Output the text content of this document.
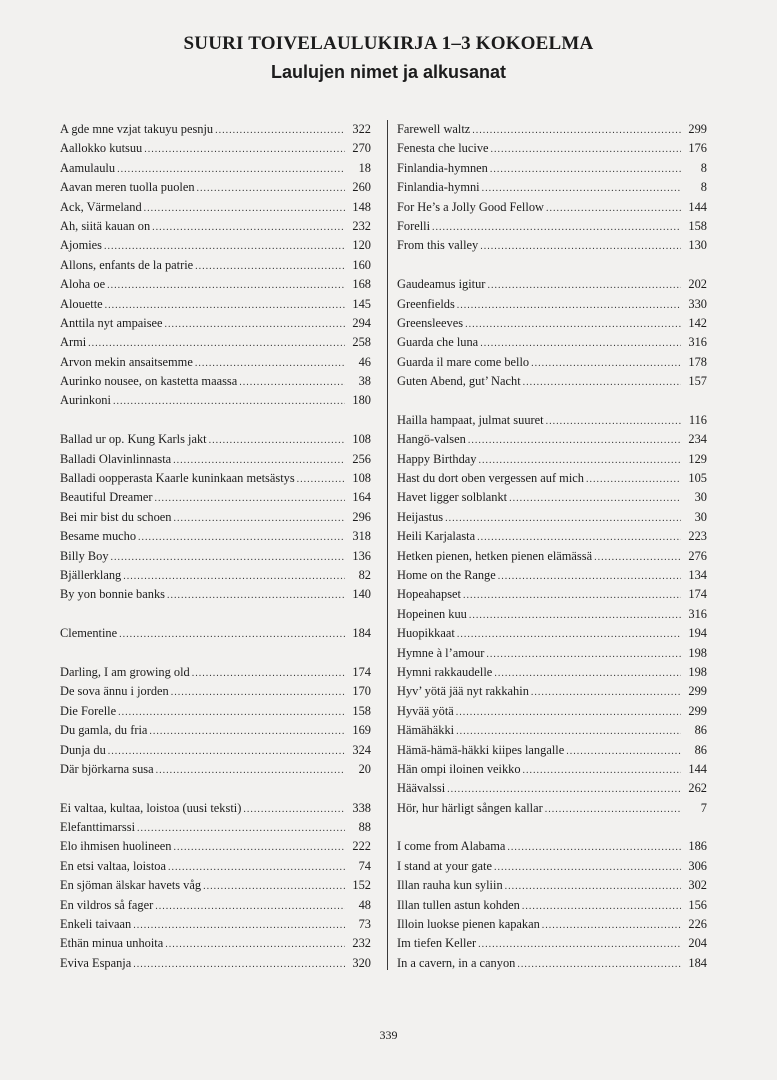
SUURI TOIVELAULUKIRJA 1–3 KOKOELMA
Laulujen nimet ja alkusanat
A gde mne vzjat takuyu pesnju .....	322
Aallokko kutsuu .....	270
Aamulaulu .....	18
Aavan meren tuolla puolen .....	260
Ack, Värmeland .....	148
Ah, siitä kauan on .....	232
Ajomies .....	120
Allons, enfants de la patrie .....	160
Aloha oe .....	168
Alouette .....	145
Anttila nyt ampaisee .....	294
Armi .....	258
Arvon mekin ansaitsemme .....	46
Aurinko nousee, on kastetta maassa .....	38
Aurinkoni .....	180
Ballad ur op. Kung Karls jakt .....	108
Balladi Olavinlinnasta .....	256
Balladi oopperasta Kaarle kuninkaan metsästys .....	108
Beautiful Dreamer .....	164
Bei mir bist du schoen .....	296
Besame mucho .....	318
Billy Boy .....	136
Bjällerklang .....	82
By yon bonnie banks .....	140
Clementine .....	184
Darling, I am growing old .....	174
De sova ännu i jorden .....	170
Die Forelle .....	158
Du gamla, du fria .....	169
Dunja du .....	324
Där björkarna susa .....	20
Ei valtaa, kultaa, loistoa (uusi teksti) .....	338
Elefanttimarssi .....	88
Elo ihmisen huolineen .....	222
En etsi valtaa, loistoa .....	74
En sjöman älskar havets våg .....	152
En vildros så fager .....	48
Enkeli taivaan .....	73
Ethän minua unhoita .....	232
Eviva Espanja .....	320
Farewell waltz .....	299
Fenesta che lucive .....	176
Finlandia-hymnen .....	8
Finlandia-hymni .....	8
For He’s a Jolly Good Fellow .....	144
Forelli .....	158
From this valley .....	130
Gaudeamus igitur .....	202
Greenfields .....	330
Greensleeves .....	142
Guarda che luna .....	316
Guarda il mare come bello .....	178
Guten Abend, gut’ Nacht .....	157
Hailla hampaat, julmat suuret .....	116
Hangö-valsen .....	234
Happy Birthday .....	129
Hast du dort oben vergessen auf mich .....	105
Havet ligger solblankt .....	30
Heijastus .....	30
Heili Karjalasta .....	223
Hetken pienen, hetken pienen elämässä .....	276
Home on the Range .....	134
Hopeahapset .....	174
Hopeinen kuu .....	316
Huopikkaat .....	194
Hymne à l’amour .....	198
Hymni rakkaudelle .....	198
Hyv’ yötä jää nyt rakkahin .....	299
Hyvää yötä .....	299
Hämähäkki .....	86
Hämä-hämä-häkki kiipes langalle .....	86
Hän ompi iloinen veikko .....	144
Häävalssi .....	262
Hör, hur härligt sången kallar .....	7
I come from Alabama .....	186
I stand at your gate .....	306
Illan rauha kun syliin .....	302
Illan tullen astun kohden .....	156
Illoin luokse pienen kapakan .....	226
Im tiefen Keller .....	204
In a cavern, in a canyon .....	184
339
